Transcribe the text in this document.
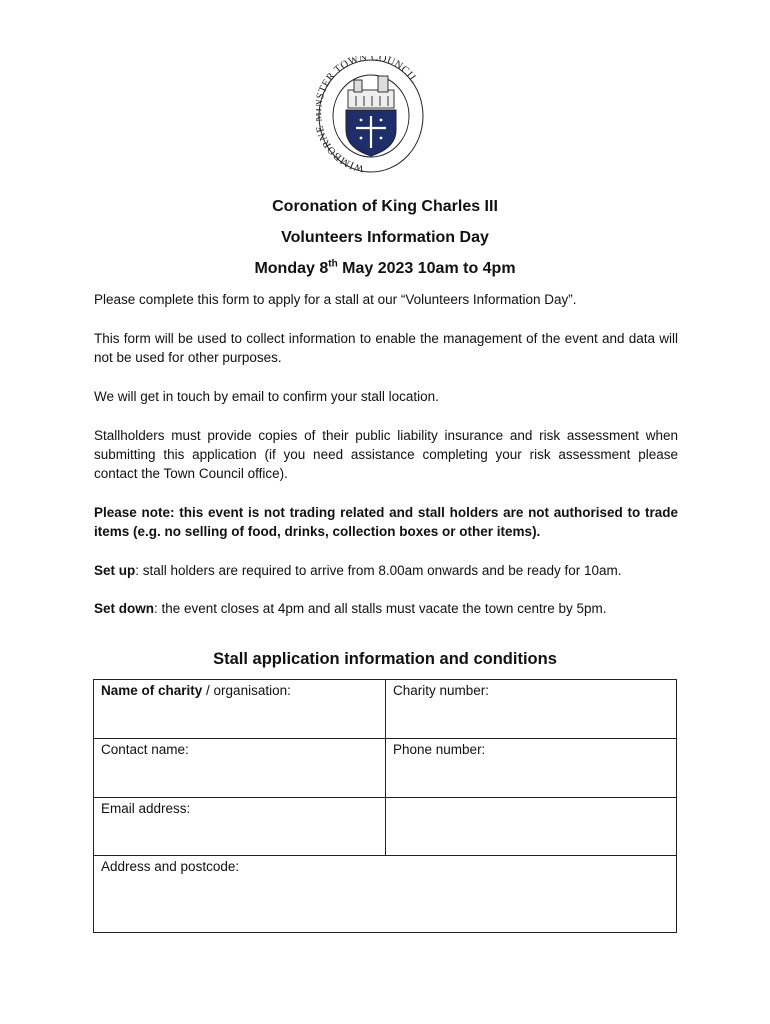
WIMBORN STER TOWN COUNCIL
Coronation of King Charles III
Volunteers Information Day
Monday 8th May 2023 10am to 4pm

Please complete this form to apply for a stall at our “Volunteers Information Day”.

This form will be used to collect information to enable the management of the event and data will not be used for other purposes.

We will get in touch by email to confirm your stall location.

Stallholders must provide copies of their public liability insurance and risk assessment when submitting this application (if you need assistance completing your risk assessment please contact the Town Council office).

Please note: this event is not trading related and stall holders are not authorised to trade items (e.g. no selling of food, drinks, collection boxes or other items).

Set up: stall holders are required to arrive from 8.00am onwards and be ready for 10am.

Set down: the event closes at 4pm and all stalls must vacate the town centre by 5pm.

Stall application information and conditions
Name of charity / organisation:	Charity number:
Contact name:	Phone number:
Email address:
Address and postcode:
